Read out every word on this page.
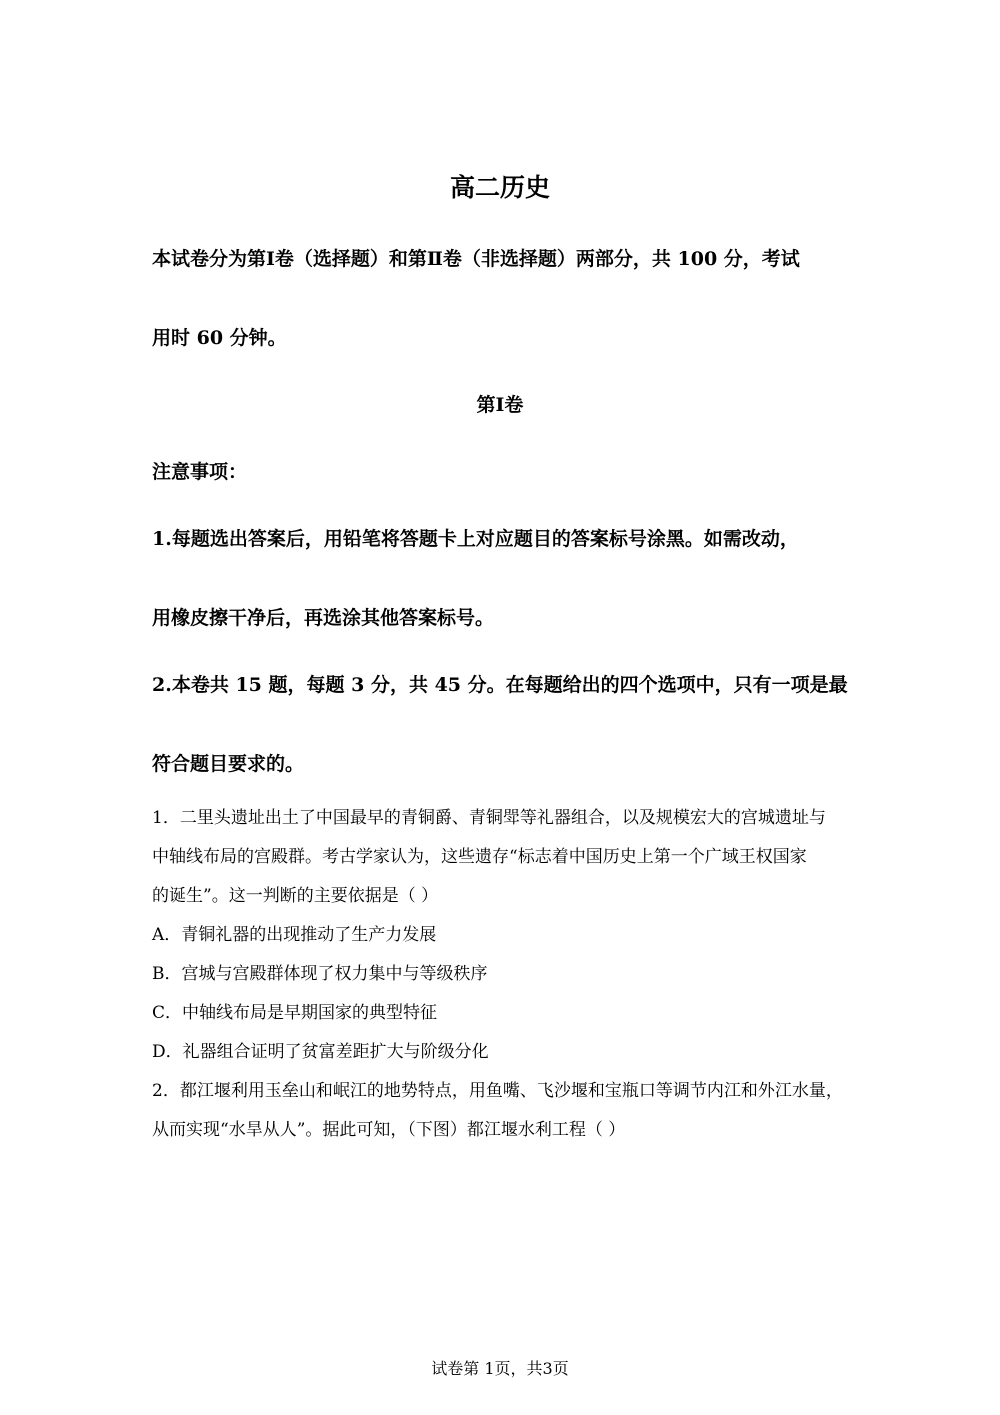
高二历史
本试卷分为第Ⅰ卷（选择题）和第Ⅱ卷（非选择题）两部分，共 100 分，考试
用时 60 分钟。
第Ⅰ卷
注意事项：
1.每题选出答案后，用铅笔将答题卡上对应题目的答案标号涂黑。如需改动，
用橡皮擦干净后，再选涂其他答案标号。
2.本卷共 15 题，每题 3 分，共 45 分。在每题给出的四个选项中，只有一项是最
符合题目要求的。
1．二里头遗址出土了中国最早的青铜爵、青铜斝等礼器组合，以及规模宏大的宫城遗址与
中轴线布局的宫殿群。考古学家认为，这些遗存“标志着中国历史上第一个广域王权国家
的诞生”。这一判断的主要依据是（ ）
A．青铜礼器的出现推动了生产力发展
B．宫城与宫殿群体现了权力集中与等级秩序
C．中轴线布局是早期国家的典型特征
D．礼器组合证明了贫富差距扩大与阶级分化
2．都江堰利用玉垒山和岷江的地势特点，用鱼嘴、飞沙堰和宝瓶口等调节内江和外江水量，
从而实现“水旱从人”。据此可知，（下图）都江堰水利工程（ ）
试卷第 1页，共3页
